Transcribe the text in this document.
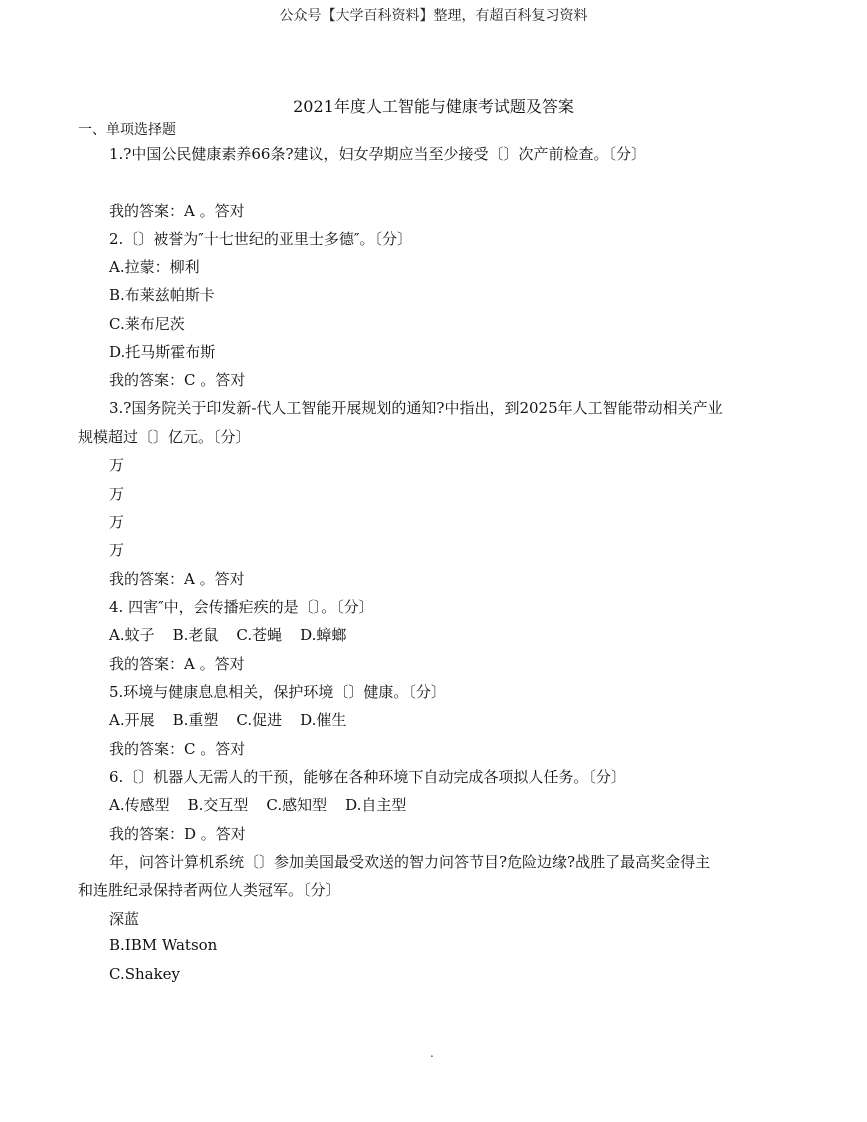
公众号【大学百科资料】整理，有超百科复习资料
2021年度人工智能与健康考试题及答案
一、单项选择题
1.?中国公民健康素养66条?建议，妇女孕期应当至少接受〔〕次产前检查。〔分〕
我的答案：A 。答对
2.〔〕被誉为″十七世纪的亚里士多德″。〔分〕
A.拉蒙：柳利
B.布莱兹帕斯卡
C.莱布尼茨
D.托马斯霍布斯
我的答案：C 。答对
3.?国务院关于印发新-代人工智能开展规划的通知?中指出，到2025年人工智能带动相关产业
规模超过〔〕亿元。〔分〕
万
万
万
万
我的答案：A 。答对
4. 四害″中，会传播疟疾的是〔〕。〔分〕
A.蚊子 B.老鼠 C.苍蝇 D.蟑螂
我的答案：A 。答对
5.环境与健康息息相关，保护环境〔〕健康。〔分〕
A.开展 B.重塑 C.促进 D.催生
我的答案：C 。答对
6.〔〕机器人无需人的干预，能够在各种环境下自动完成各项拟人任务。〔分〕
A.传感型 B.交互型 C.感知型 D.自主型
我的答案：D 。答对
年，问答计算机系统〔〕参加美国最受欢送的智力问答节目?危险边缘?战胜了最高奖金得主
和连胜纪录保持者两位人类冠军。〔分〕
深蓝
B.IBM Watson
C.Shakey
.
